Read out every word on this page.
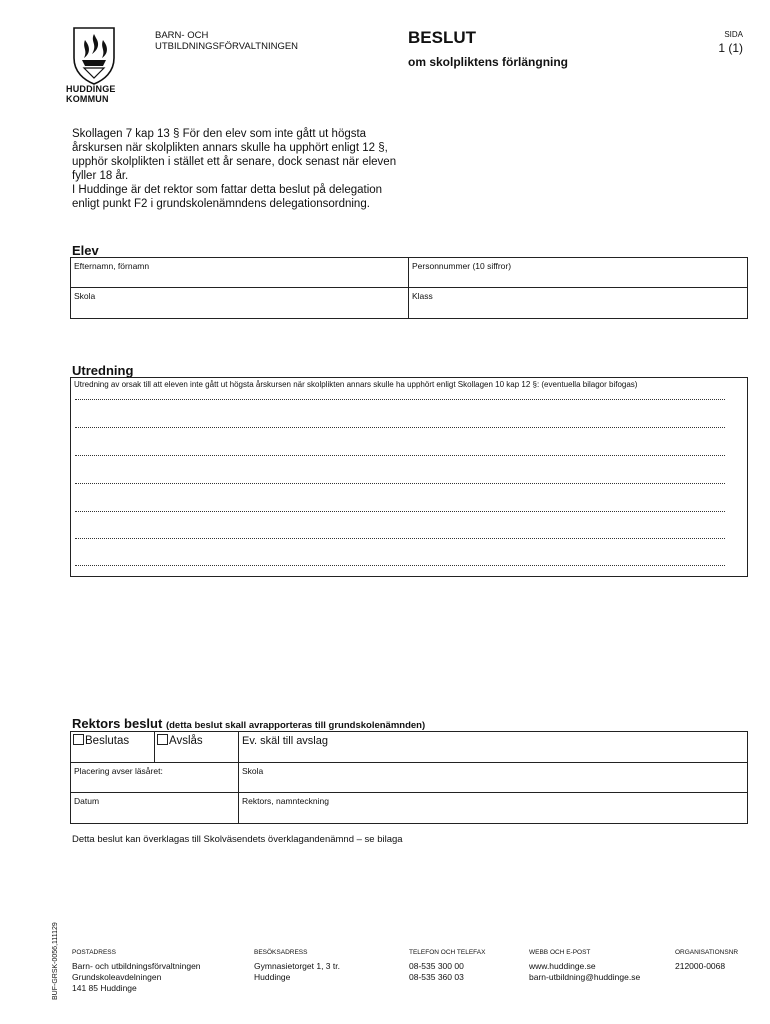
HUDDINGE
KOMMUN
BARN- OCH
UTBILDNINGSFÖRVALTNINGEN	BESLUT
om skolpliktens förlängning
SIDA
1 (1)

Skollagen 7 kap 13 § För den elev som inte gått ut högsta årskursen när skolplikten annars skulle ha upphört enligt 12 §, upphör skolplikten i stället ett år senare, dock senast när eleven fyller 18 år.

I Huddinge är det rektor som fattar detta beslut på delegation enligt punkt F2 i grundskolenämndens delegationsordning.

Elev
Efternamn, förnamn	Personnummer (10 siffror)
Skola	Klass
Utredning
Utredning av orsak till att eleven inte gått ut högsta årskursen när skolplikten annars skulle ha upphört enligt Skollagen 10 kap 12 §: (eventuella bilagor bifogas)
Rektors beslut (detta beslut skall avrapporteras till grundskolenämnden)
Beslutas	Avslås	Ev. skäl till avslag
Placering avser läsåret:	Skola
Datum	Rektors, namnteckning
Detta beslut kan överklagas till Skolväsendets överklagandenämnd – se bilaga
BUF-GRSK-0056,111129 POSTADRESS
Barn- och utbildningsförvaltningen
Grundskoleavdelningen
141 85 Huddinge
BESÖKSADRESS
Gymnasietorget 1, 3 tr.
Huddinge
TELEFON OCH TELEFAX
08-535 300 00
08-535 360 03
WEBB OCH E-POST
www.huddinge.se
barn-utbildning@huddinge.se
ORGANISATIONSNR
212000-0068
